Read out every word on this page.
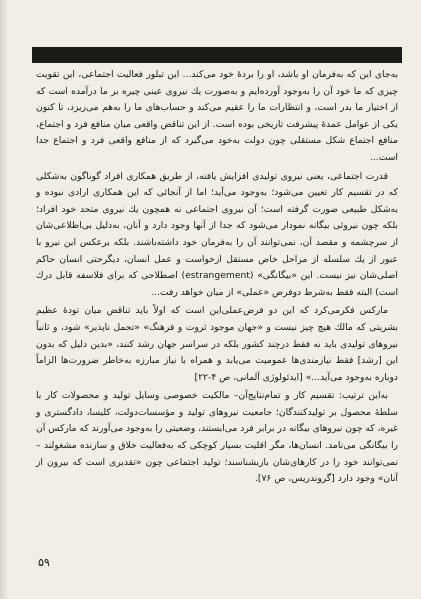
به‌جای این که به‌فرمان او باشد، او را بردهٔ خود می‌کند... این تبلور فعالیت اجتماعی، این تقویت چیزی که ما خود آن را به‌وجود آورده‌ایم و به‌صورت یك نیروی عینی چیره بر ما درآمده است که از اختیار ما بدر است، و انتظارات ما را عقیم می‌کند و حساب‌های ما را به‌هم می‌ریزد، تا کنون یکی از عوامل عمدهٔ پیشرفت تاریخی بوده است. از این تناقض واقعی میان منافع فرد و اجتماع، منافع اجتماع شکل مستقلی چون دولت به‌خود می‌گیرد که از منافع واقعی فرد و اجتماع جدا است...

قدرت اجتماعی، یعنی نیروی تولیدی افزایش یافته، از طریق همکاری افراد گوناگون به‌شکلی که در تقسیم کار تعیین می‌شود؛ به‌وجود می‌آید؛ اما از آنجائی که این همکاری ارادی نبوده و به‌شکل طبیعی صورت گرفته است؛ آن نیروی اجتماعی نه همچون یك نیروی متحد خود افراد؛ بلکه چون نیروئی بیگانه نمودار می‌شود که جدا از آنها وجود دارد و آنان، به‌دلیل بی‌اطلاعی‌شان از سرچشمه و مقصد آن، نمی‌توانند آن را به‌فرمان خود داشته‌باشند. بلکه برعکس این نیرو با عبور از یك سلسله از مراحل خاص مستقل ازخواست و عمل انسان، دیگرحتی انسان حاکم اصلی‌شان نیز نیست. این «بیگانگی» (estrangement) اصطلاحی که برای فلاسفه قابل درك است) البته فقط به‌شرط دوفرض «عملی» از میان خواهد رفت...

مارکس فکرمی‌کرد که این دو فرض‌عملی‌این است که اولاً باید تناقض میان تودهٔ عظیم بشریتی که مالك هیچ چیز نیست و «جهان موجود ثروت و فرهنگ» «تحمل ناپذیر» شود، و ثانیاً نیروهای تولیدی باید نه فقط درچند کشور بلکه در سراسر جهان رشد کنند، «بدین دلیل که بدون این [رشد] فقط نیازمندی‌ها عمومیت می‌یابد و همراه با نیاز مبارزه به‌خاطر ضرورت‌ها الزاماً دوباره به‌وجود می‌آید...» [ایدئولوژی آلمانی، ص ۴-۲۲]

به‌این ترتیب: تقسیم کار و تمام‌نتایج‌آن– مالکیت خصوصی وسایل تولید و محصولات کار با سلطهٔ محصول بر تولیدکنندگان؛ جامعیت نیروهای تولید و مؤسسات‌دولت، کلیسا، دادگستری و غیره، که چون نیروهای بیگانه در برابر فرد می‌ایستند، وضعیتی را به‌وجود می‌آورند که مارکس آن را بیگانگی می‌نامد. انسان‌ها، مگر اقلیت بسیار کوچکی که به‌فعالیت خلاق و سازنده مشغولند – نمی‌توانند خود را در کارهای‌شان بازبشناسند؛ تولید اجتماعی چون «تقدیری است که بیرون از آنان» وجود دارد [گروندریس، ص ۷۶].

۵۹
